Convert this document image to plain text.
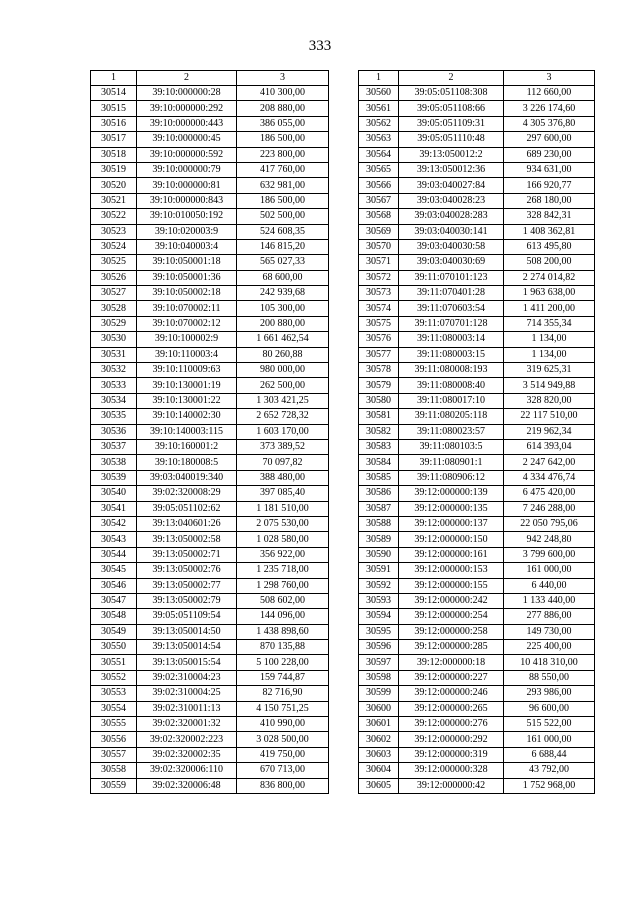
333
1	2	3
30514	39:10:000000:28	410 300,00
30515	39:10:000000:292	208 880,00
30516	39:10:000000:443	386 055,00
30517	39:10:000000:45	186 500,00
30518	39:10:000000:592	223 800,00
30519	39:10:000000:79	417 760,00
30520	39:10:000000:81	632 981,00
30521	39:10:000000:843	186 500,00
30522	39:10:010050:192	502 500,00
30523	39:10:020003:9	524 608,35
30524	39:10:040003:4	146 815,20
30525	39:10:050001:18	565 027,33
30526	39:10:050001:36	68 600,00
30527	39:10:050002:18	242 939,68
30528	39:10:070002:11	105 300,00
30529	39:10:070002:12	200 880,00
30530	39:10:100002:9	1 661 462,54
30531	39:10:110003:4	80 260,88
30532	39:10:110009:63	980 000,00
30533	39:10:130001:19	262 500,00
30534	39:10:130001:22	1 303 421,25
30535	39:10:140002:30	2 652 728,32
30536	39:10:140003:115	1 603 170,00
30537	39:10:160001:2	373 389,52
30538	39:10:180008:5	70 097,82
30539	39:03:040019:340	388 480,00
30540	39:02:320008:29	397 085,40
30541	39:05:051102:62	1 181 510,00
30542	39:13:040601:26	2 075 530,00
30543	39:13:050002:58	1 028 580,00
30544	39:13:050002:71	356 922,00
30545	39:13:050002:76	1 235 718,00
30546	39:13:050002:77	1 298 760,00
30547	39:13:050002:79	508 602,00
30548	39:05:051109:54	144 096,00
30549	39:13:050014:50	1 438 898,60
30550	39:13:050014:54	870 135,88
30551	39:13:050015:54	5 100 228,00
30552	39:02:310004:23	159 744,87
30553	39:02:310004:25	82 716,90
30554	39:02:310011:13	4 150 751,25
30555	39:02:320001:32	410 990,00
30556	39:02:320002:223	3 028 500,00
30557	39:02:320002:35	419 750,00
30558	39:02:320006:110	670 713,00
30559	39:02:320006:48	836 800,00
1	2	3
30560	39:05:051108:308	112 660,00
30561	39:05:051108:66	3 226 174,60
30562	39:05:051109:31	4 305 376,80
30563	39:05:051110:48	297 600,00
30564	39:13:050012:2	689 230,00
30565	39:13:050012:36	934 631,00
30566	39:03:040027:84	166 920,77
30567	39:03:040028:23	268 180,00
30568	39:03:040028:283	328 842,31
30569	39:03:040030:141	1 408 362,81
30570	39:03:040030:58	613 495,80
30571	39:03:040030:69	508 200,00
30572	39:11:070101:123	2 274 014,82
30573	39:11:070401:28	1 963 638,00
30574	39:11:070603:54	1 411 200,00
30575	39:11:070701:128	714 355,34
30576	39:11:080003:14	1 134,00
30577	39:11:080003:15	1 134,00
30578	39:11:080008:193	319 625,31
30579	39:11:080008:40	3 514 949,88
30580	39:11:080017:10	328 820,00
30581	39:11:080205:118	22 117 510,00
30582	39:11:080023:57	219 962,34
30583	39:11:080103:5	614 393,04
30584	39:11:080901:1	2 247 642,00
30585	39:11:080906:12	4 334 476,74
30586	39:12:000000:139	6 475 420,00
30587	39:12:000000:135	7 246 288,00
30588	39:12:000000:137	22 050 795,06
30589	39:12:000000:150	942 248,80
30590	39:12:000000:161	3 799 600,00
30591	39:12:000000:153	161 000,00
30592	39:12:000000:155	6 440,00
30593	39:12:000000:242	1 133 440,00
30594	39:12:000000:254	277 886,00
30595	39:12:000000:258	149 730,00
30596	39:12:000000:285	225 400,00
30597	39:12:000000:18	10 418 310,00
30598	39:12:000000:227	88 550,00
30599	39:12:000000:246	293 986,00
30600	39:12:000000:265	96 600,00
30601	39:12:000000:276	515 522,00
30602	39:12:000000:292	161 000,00
30603	39:12:000000:319	6 688,44
30604	39:12:000000:328	43 792,00
30605	39:12:000000:42	1 752 968,00
